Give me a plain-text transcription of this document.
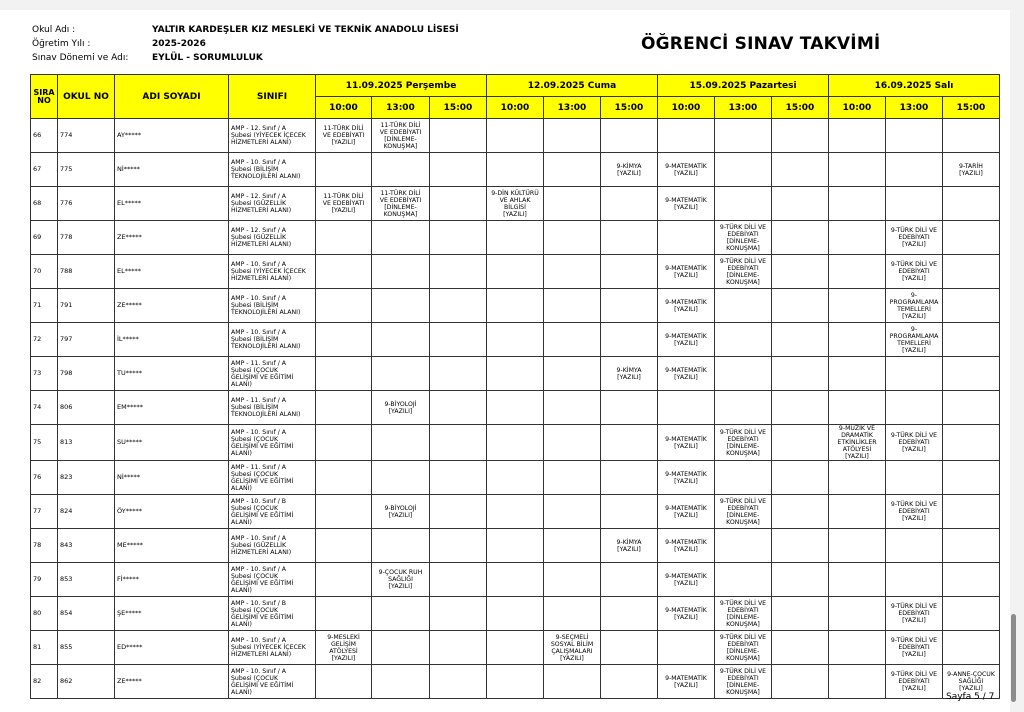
Okul Adı :	YALTIR KARDEŞLER KIZ MESLEKİ VE TEKNİK ANADOLU LİSESİ
Öğretim Yılı :	2025-2026
Sınav Dönemi ve Adı:	EYLÜL - SORUMLULUK
ÖĞRENCİ SINAV TAKVİMİ
SIRA NO	OKUL NO	ADI SOYADI	SINIFI	11.09.2025 Perşembe			12.09.2025 Cuma			15.09.2025 Pazartesi			16.09.2025 Salı		
				10:00	13:00	15:00	10:00	13:00	15:00	10:00	13:00	15:00	10:00	13:00	15:00

66	774	AY*****	AMP - 12. Sınıf / A
Şubesi (YİYECEK İÇECEK
HİZMETLERİ ALANI)	11-TÜRK DİLİ
VE EDEBİYATI
[YAZILI]	11-TÜRK DİLİ
VE EDEBİYATI
[DİNLEME-
KONUŞMA]										

67	775	Nİ*****	AMP - 10. Sınıf / A
Şubesi (BİLİŞİM
TEKNOLOJİLERİ ALANI)						9-KİMYA
[YAZILI]	9-MATEMATİK
[YAZILI]					9-TARİH
[YAZILI]

68	776	EL*****	AMP - 12. Sınıf / A
Şubesi (GÜZELLİK
HİZMETLERİ ALANI)	11-TÜRK DİLİ
VE EDEBİYATI
[YAZILI]	11-TÜRK DİLİ
VE EDEBİYATI
[DİNLEME-
KONUŞMA]		9-DİN KÜLTÜRÜ
VE AHLAK
BİLGİSİ
[YAZILI]			9-MATEMATİK
[YAZILI]					

69	778	ZE*****	AMP - 12. Sınıf / A
Şubesi (GÜZELLİK
HİZMETLERİ ALANI)								9-TÜRK DİLİ VE
EDEBİYATI
[DİNLEME-
KONUŞMA]			9-TÜRK DİLİ VE
EDEBİYATI
[YAZILI]	

70	788	EL*****	AMP - 10. Sınıf / A
Şubesi (YİYECEK İÇECEK
HİZMETLERİ ALANI)							9-MATEMATİK
[YAZILI]	9-TÜRK DİLİ VE
EDEBİYATI
[DİNLEME-
KONUŞMA]			9-TÜRK DİLİ VE
EDEBİYATI
[YAZILI]	

71	791	ZE*****	AMP - 10. Sınıf / A
Şubesi (BİLİŞİM
TEKNOLOJİLERİ ALANI)							9-MATEMATİK
[YAZILI]				9-
PROGRAMLAMA
TEMELLERİ
[YAZILI]	

72	797	İL*****	AMP - 10. Sınıf / A
Şubesi (BİLİŞİM
TEKNOLOJİLERİ ALANI)							9-MATEMATİK
[YAZILI]				9-
PROGRAMLAMA
TEMELLERİ
[YAZILI]	

73	798	TU*****	AMP - 11. Sınıf / A
Şubesi (ÇOCUK
GELİŞİMİ VE EĞİTİMİ
ALANI)						9-KİMYA
[YAZILI]	9-MATEMATİK
[YAZILI]					

74	806	EM*****	AMP - 11. Sınıf / A
Şubesi (BİLİŞİM
TEKNOLOJİLERİ ALANI)		9-BİYOLOJİ
[YAZILI]										

75	813	SU*****	AMP - 10. Sınıf / A
Şubesi (ÇOCUK
GELİŞİMİ VE EĞİTİMİ
ALANI)							9-MATEMATİK
[YAZILI]	9-TÜRK DİLİ VE
EDEBİYATI
[DİNLEME-
KONUŞMA]		9-MÜZİK VE
DRAMATİK
ETKİNLİKLER
ATÖLYESİ
[YAZILI]	9-TÜRK DİLİ VE
EDEBİYATI
[YAZILI]	

76	823	Nİ*****	AMP - 11. Sınıf / A
Şubesi (ÇOCUK
GELİŞİMİ VE EĞİTİMİ
ALANI)							9-MATEMATİK
[YAZILI]					

77	824	ÖY*****	AMP - 10. Sınıf / B
Şubesi (ÇOCUK
GELİŞİMİ VE EĞİTİMİ
ALANI)		9-BİYOLOJİ
[YAZILI]					9-MATEMATİK
[YAZILI]	9-TÜRK DİLİ VE
EDEBİYATI
[DİNLEME-
KONUŞMA]			9-TÜRK DİLİ VE
EDEBİYATI
[YAZILI]	

78	843	ME*****	AMP - 10. Sınıf / A
Şubesi (GÜZELLİK
HİZMETLERİ ALANI)						9-KİMYA
[YAZILI]	9-MATEMATİK
[YAZILI]					

79	853	Fİ*****	AMP - 10. Sınıf / A
Şubesi (ÇOCUK
GELİŞİMİ VE EĞİTİMİ
ALANI)		9-ÇOCUK RUH
SAĞLIĞI
[YAZILI]					9-MATEMATİK
[YAZILI]					

80	854	ŞE*****	AMP - 10. Sınıf / B
Şubesi (ÇOCUK
GELİŞİMİ VE EĞİTİMİ
ALANI)							9-MATEMATİK
[YAZILI]	9-TÜRK DİLİ VE
EDEBİYATI
[DİNLEME-
KONUŞMA]			9-TÜRK DİLİ VE
EDEBİYATI
[YAZILI]	

81	855	ED*****	AMP - 10. Sınıf / A
Şubesi (YİYECEK İÇECEK
HİZMETLERİ ALANI)	9-MESLEKİ
GELİŞİM
ATÖLYESİ
[YAZILI]				9-SEÇMELİ
SOSYAL BİLİM
ÇALIŞMALARI
[YAZILI]			9-TÜRK DİLİ VE
EDEBİYATI
[DİNLEME-
KONUŞMA]			9-TÜRK DİLİ VE
EDEBİYATI
[YAZILI]	

82	862	ZE*****	AMP - 10. Sınıf / A
Şubesi (ÇOCUK
GELİŞİMİ VE EĞİTİMİ
ALANI)							9-MATEMATİK
[YAZILI]	9-TÜRK DİLİ VE
EDEBİYATI
[DİNLEME-
KONUŞMA]			9-TÜRK DİLİ VE
EDEBİYATI
[YAZILI]	9-ANNE-ÇOCUK
SAĞLIĞI
[YAZILI]
Sayfa 5 / 7
